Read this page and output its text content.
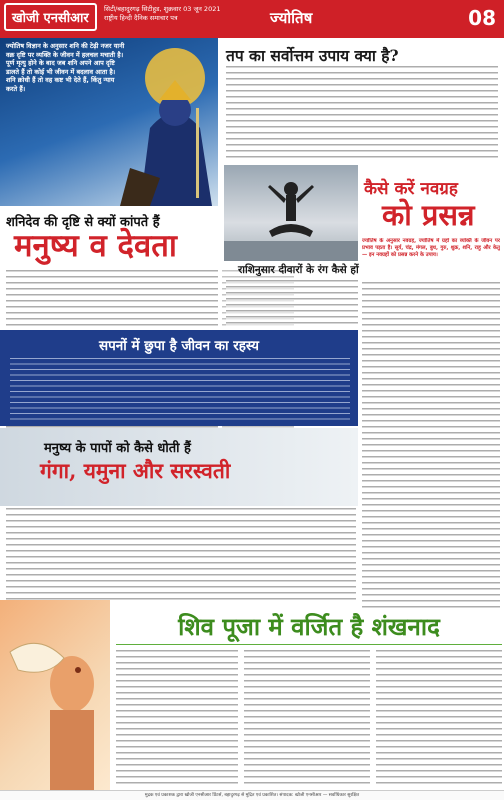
खोजी एनसीआर
सिटी/बहादुरगढ़ सिटीहुड, शुक्रवार 03 जून 2021
राष्ट्रीय हिन्दी दैनिक समाचार पत्र	ज्योतिष	08
ज्योतिष विज्ञान के अनुसार शनि की टेढ़ी नजर यानी वक्र दृष्टि पर व्यक्ति के जीवन में हलचल मचाती है। पूर्ण मृत्यु होने के बाद जब शनि अपने आप दृष्टि डालते हैं तो कोई भी जीवन में बदलाव आता है। शनि क्रोधी हैं तो वह कष्ट भी देते हैं, किंतु न्याय करते हैं।
शनिदेव की दृष्टि से क्यों कांपते हैं
मनुष्य व देवता
तप का सर्वोत्तम उपाय क्या है?
कैसे करें नवग्रह
को प्रसन्न
ज्योतिष के अनुसार नवग्रह, ज्योतिष में ग्रहों का व्यक्ति के जीवन पर प्रभाव पड़ता है। सूर्य, चंद्र, मंगल, बुध, गुरु, शुक्र, शनि, राहु और केतु — इन नवग्रहों को प्रसन्न करने के उपाय।
राशिनुसार दीवारों के रंग कैसे हों
सपनों में छुपा है जीवन का रहस्य
मनुष्य के पापों को कैसे धोती हैं
गंगा, यमुना और सरस्वती
शिव पूजा में वर्जित है शंखनाद
मुद्रक एवं प्रकाशक द्वारा खोजी एनसीआर प्रिंटर्स, बहादुरगढ़ से मुद्रित एवं प्रकाशित। संपादक: खोजी एनसीआर — सर्वाधिकार सुरक्षित
